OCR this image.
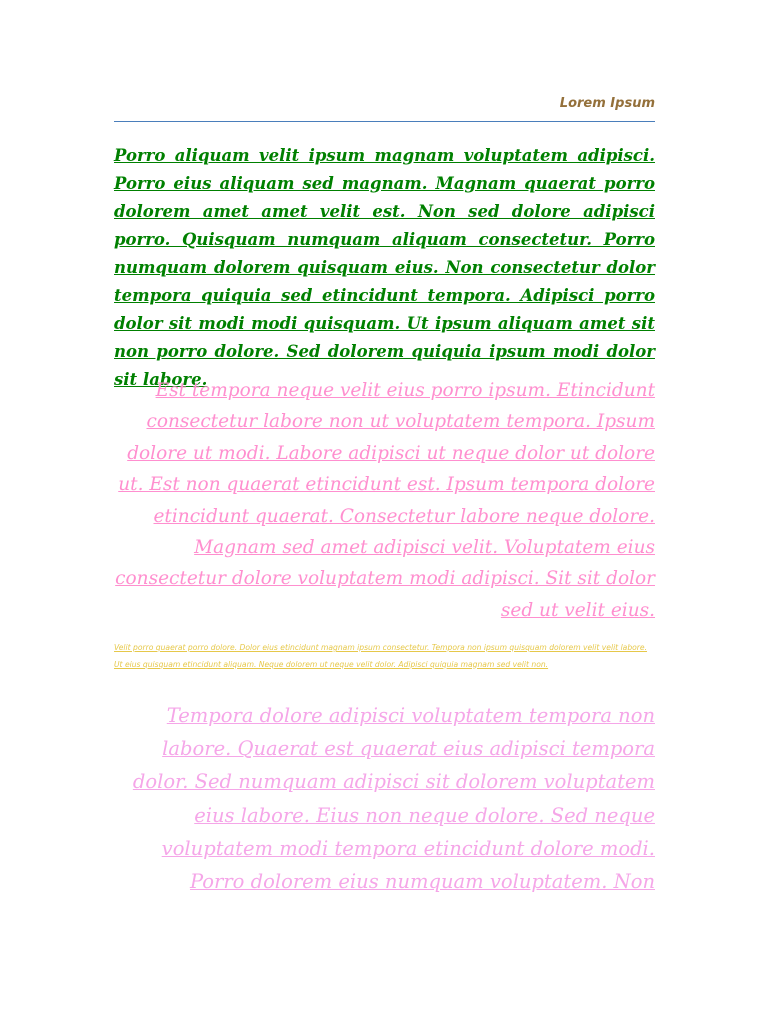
Lorem Ipsum

Porro aliquam velit ipsum magnam voluptatem adipisci. Porro eius aliquam sed magnam. Magnam quaerat porro dolorem amet amet velit est. Non sed dolore adipisci porro. Quisquam numquam aliquam consectetur. Porro numquam dolorem quisquam eius. Non consectetur dolor tempora quiquia sed etincidunt tempora. Adipisci porro dolor sit modi modi quisquam. Ut ipsum aliquam amet sit non porro dolore. Sed dolorem quiquia ipsum modi dolor sit labore.

Est tempora neque velit eius porro ipsum. Etincidunt consectetur labore non ut voluptatem tempora. Ipsum dolore ut modi. Labore adipisci ut neque dolor ut dolore ut. Est non quaerat etincidunt est. Ipsum tempora dolore etincidunt quaerat. Consectetur labore neque dolore. Magnam sed amet adipisci velit. Voluptatem eius consectetur dolore voluptatem modi adipisci. Sit sit dolor sed ut velit eius.

Velit porro quaerat porro dolore. Dolor eius etincidunt magnam ipsum consectetur. Tempora non ipsum quisquam dolorem velit velit labore. Ut eius quisquam etincidunt aliquam. Neque dolorem ut neque velit dolor. Adipisci quiquia magnam sed velit non.

Tempora dolore adipisci voluptatem tempora non labore. Quaerat est quaerat eius adipisci tempora dolor. Sed numquam adipisci sit dolorem voluptatem eius labore. Eius non neque dolore. Sed neque voluptatem modi tempora etincidunt dolore modi. Porro dolorem eius numquam voluptatem. Non
